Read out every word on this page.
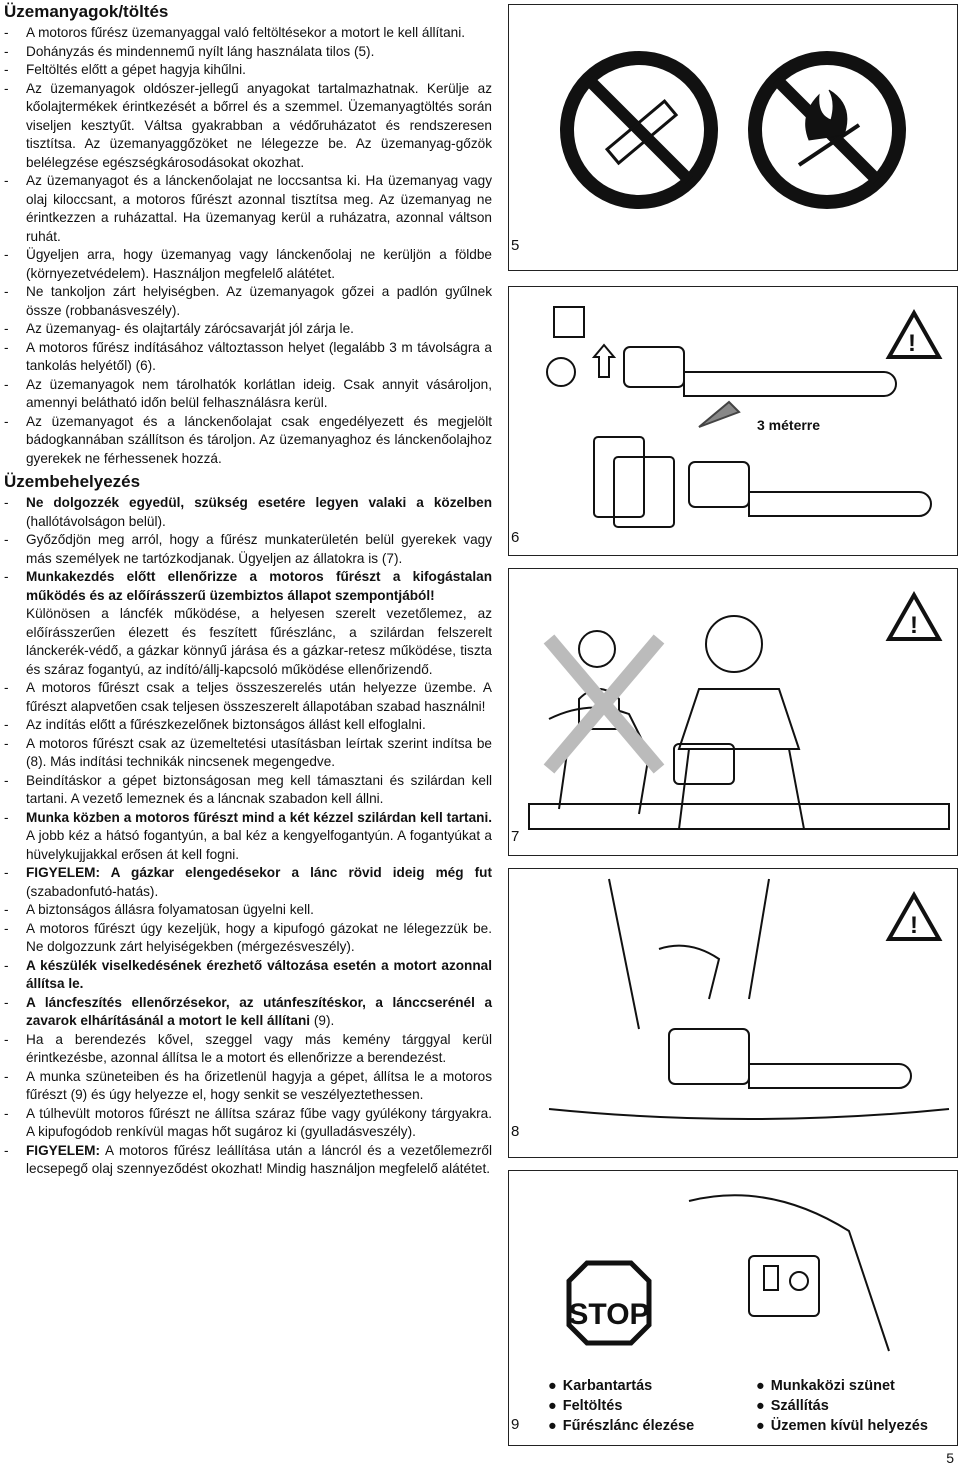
Üzemanyagok/töltés

- A motoros fűrész üzemanyaggal való feltöltésekor a motort le kell állítani.

- Dohányzás és mindennemű nyílt láng használata tilos (5).

- Feltöltés előtt a gépet hagyja kihűlni.

- Az üzemanyagok oldószer-jellegű anyagokat tartalmazhatnak. Kerülje az kőolajtermékek érintkezését a bőrrel és a szemmel. Üzemanyagtöltés során viseljen kesztyűt. Váltsa gyakrabban a védőruházatot és rendszeresen tisztítsa. Az üzemanyaggőzöket ne lélegezze be. Az üzemanyag-gőzök belélegzése egészségkárosodásokat okozhat.

- Az üzemanyagot és a lánckenőolajat ne loccsantsa ki. Ha üzemanyag vagy olaj kiloccsant, a motoros fűrészt azonnal tisztítsa meg. Az üzemanyag ne érintkezzen a ruházattal. Ha üzemanyag kerül a ruházatra, azonnal váltson ruhát.

- Ügyeljen arra, hogy üzemanyag vagy lánckenőolaj ne kerüljön a földbe (környezetvédelem). Használjon megfelelő alátétet.

- Ne tankoljon zárt helyiségben. Az üzemanyagok gőzei a padlón gyűlnek össze (robbanásveszély).

- Az üzemanyag- és olajtartály zárócsavarját jól zárja le.

- A motoros fűrész indításához változtasson helyet (legalább 3 m távolságra a tankolás helyétől) (6).

- Az üzemanyagok nem tárolhatók korlátlan ideig. Csak annyit vásároljon, amennyi belátható időn belül felhasználásra kerül.

- Az üzemanyagot és a lánckenőolajat csak engedélyezett és megjelölt bádogkannában szállítson és tároljon. Az üzemanyaghoz és lánckenőolajhoz gyerekek ne férhessenek hozzá.

Üzembehelyezés

- Ne dolgozzék egyedül, szükség esetére legyen valaki a közelben (hallótávolságon belül).

- Győződjön meg arról, hogy a fűrész munkaterületén belül gyerekek vagy más személyek ne tartózkodjanak. Ügyeljen az állatokra is (7).

- Munkakezdés előtt ellenőrizze a motoros fűrészt a kifogástalan működés és az előírásszerű üzembiztos állapot szempontjából!
Különösen a láncfék működése, a helyesen szerelt vezetőlemez, az előírásszerűen élezett és feszített fűrészlánc, a szilárdan felszerelt lánckerék-védő, a gázkar könnyű járása és a gázkar-retesz működése, tiszta és száraz fogantyú, az indító/állj-kapcsoló működése ellenőrizendő.

- A motoros fűrészt csak a teljes összeszerelés után helyezze üzembe. A fűrészt alapvetően csak teljesen összeszerelt állapotában szabad használni!

- Az indítás előtt a fűrészkezelőnek biztonságos állást kell elfoglalni.

- A motoros fűrészt csak az üzemeltetési utasításban leírtak szerint indítsa be (8). Más indítási technikák nincsenek megengedve.

- Beindításkor a gépet biztonságosan meg kell támasztani és szilárdan kell tartani. A vezető lemeznek és a láncnak szabadon kell állni.

- Munka közben a motoros fűrészt mind a két kézzel szilárdan kell tartani. A jobb kéz a hátsó fogantyún, a bal kéz a kengyelfogantyún. A fogantyúkat a hüvelykujjakkal erősen át kell fogni.

- FIGYELEM: A gázkar elengedésekor a lánc rövid ideig még fut (szabadonfutó-hatás).

- A biztonságos állásra folyamatosan ügyelni kell.

- A motoros fűrészt úgy kezeljük, hogy a kipufogó gázokat ne lélegezzük be. Ne dolgozzunk zárt helyiségekben (mérgezésveszély).

- A készülék viselkedésének érezhető változása esetén a motort azonnal állítsa le.

- A láncfeszítés ellenőrzésekor, az utánfeszítéskor, a lánccserénél a zavarok elhárításánál a motort le kell állítani (9).

- Ha a berendezés kővel, szeggel vagy más kemény tárggyal kerül érintkezésbe, azonnal állítsa le a motort és ellenőrizze a berendezést.

- A munka szüneteiben és ha őrizetlenül hagyja a gépet, állítsa le a motoros fűrészt (9) és úgy helyezze el, hogy senkit se veszélyeztethessen.

- A túlhevült motoros fűrészt ne állítsa száraz fűbe vagy gyúlékony tárgyakra. A kipufogódob renkívül magas hőt sugároz ki (gyulladásveszély).

- FIGYELEM: A motoros fűrész leállítása után a láncról és a vezetőlemezről lecsepegő olaj szennyeződést okozhat! Mindig használjon megfelelő alátétet.

5
!
3 méterre
6
!
7
!
8
STOP
9
● Karbantartás
● Feltöltés
● Fűrészlánc élezése
● Munkaközi szünet
● Szállítás
● Üzemen kívül helyezés
5
